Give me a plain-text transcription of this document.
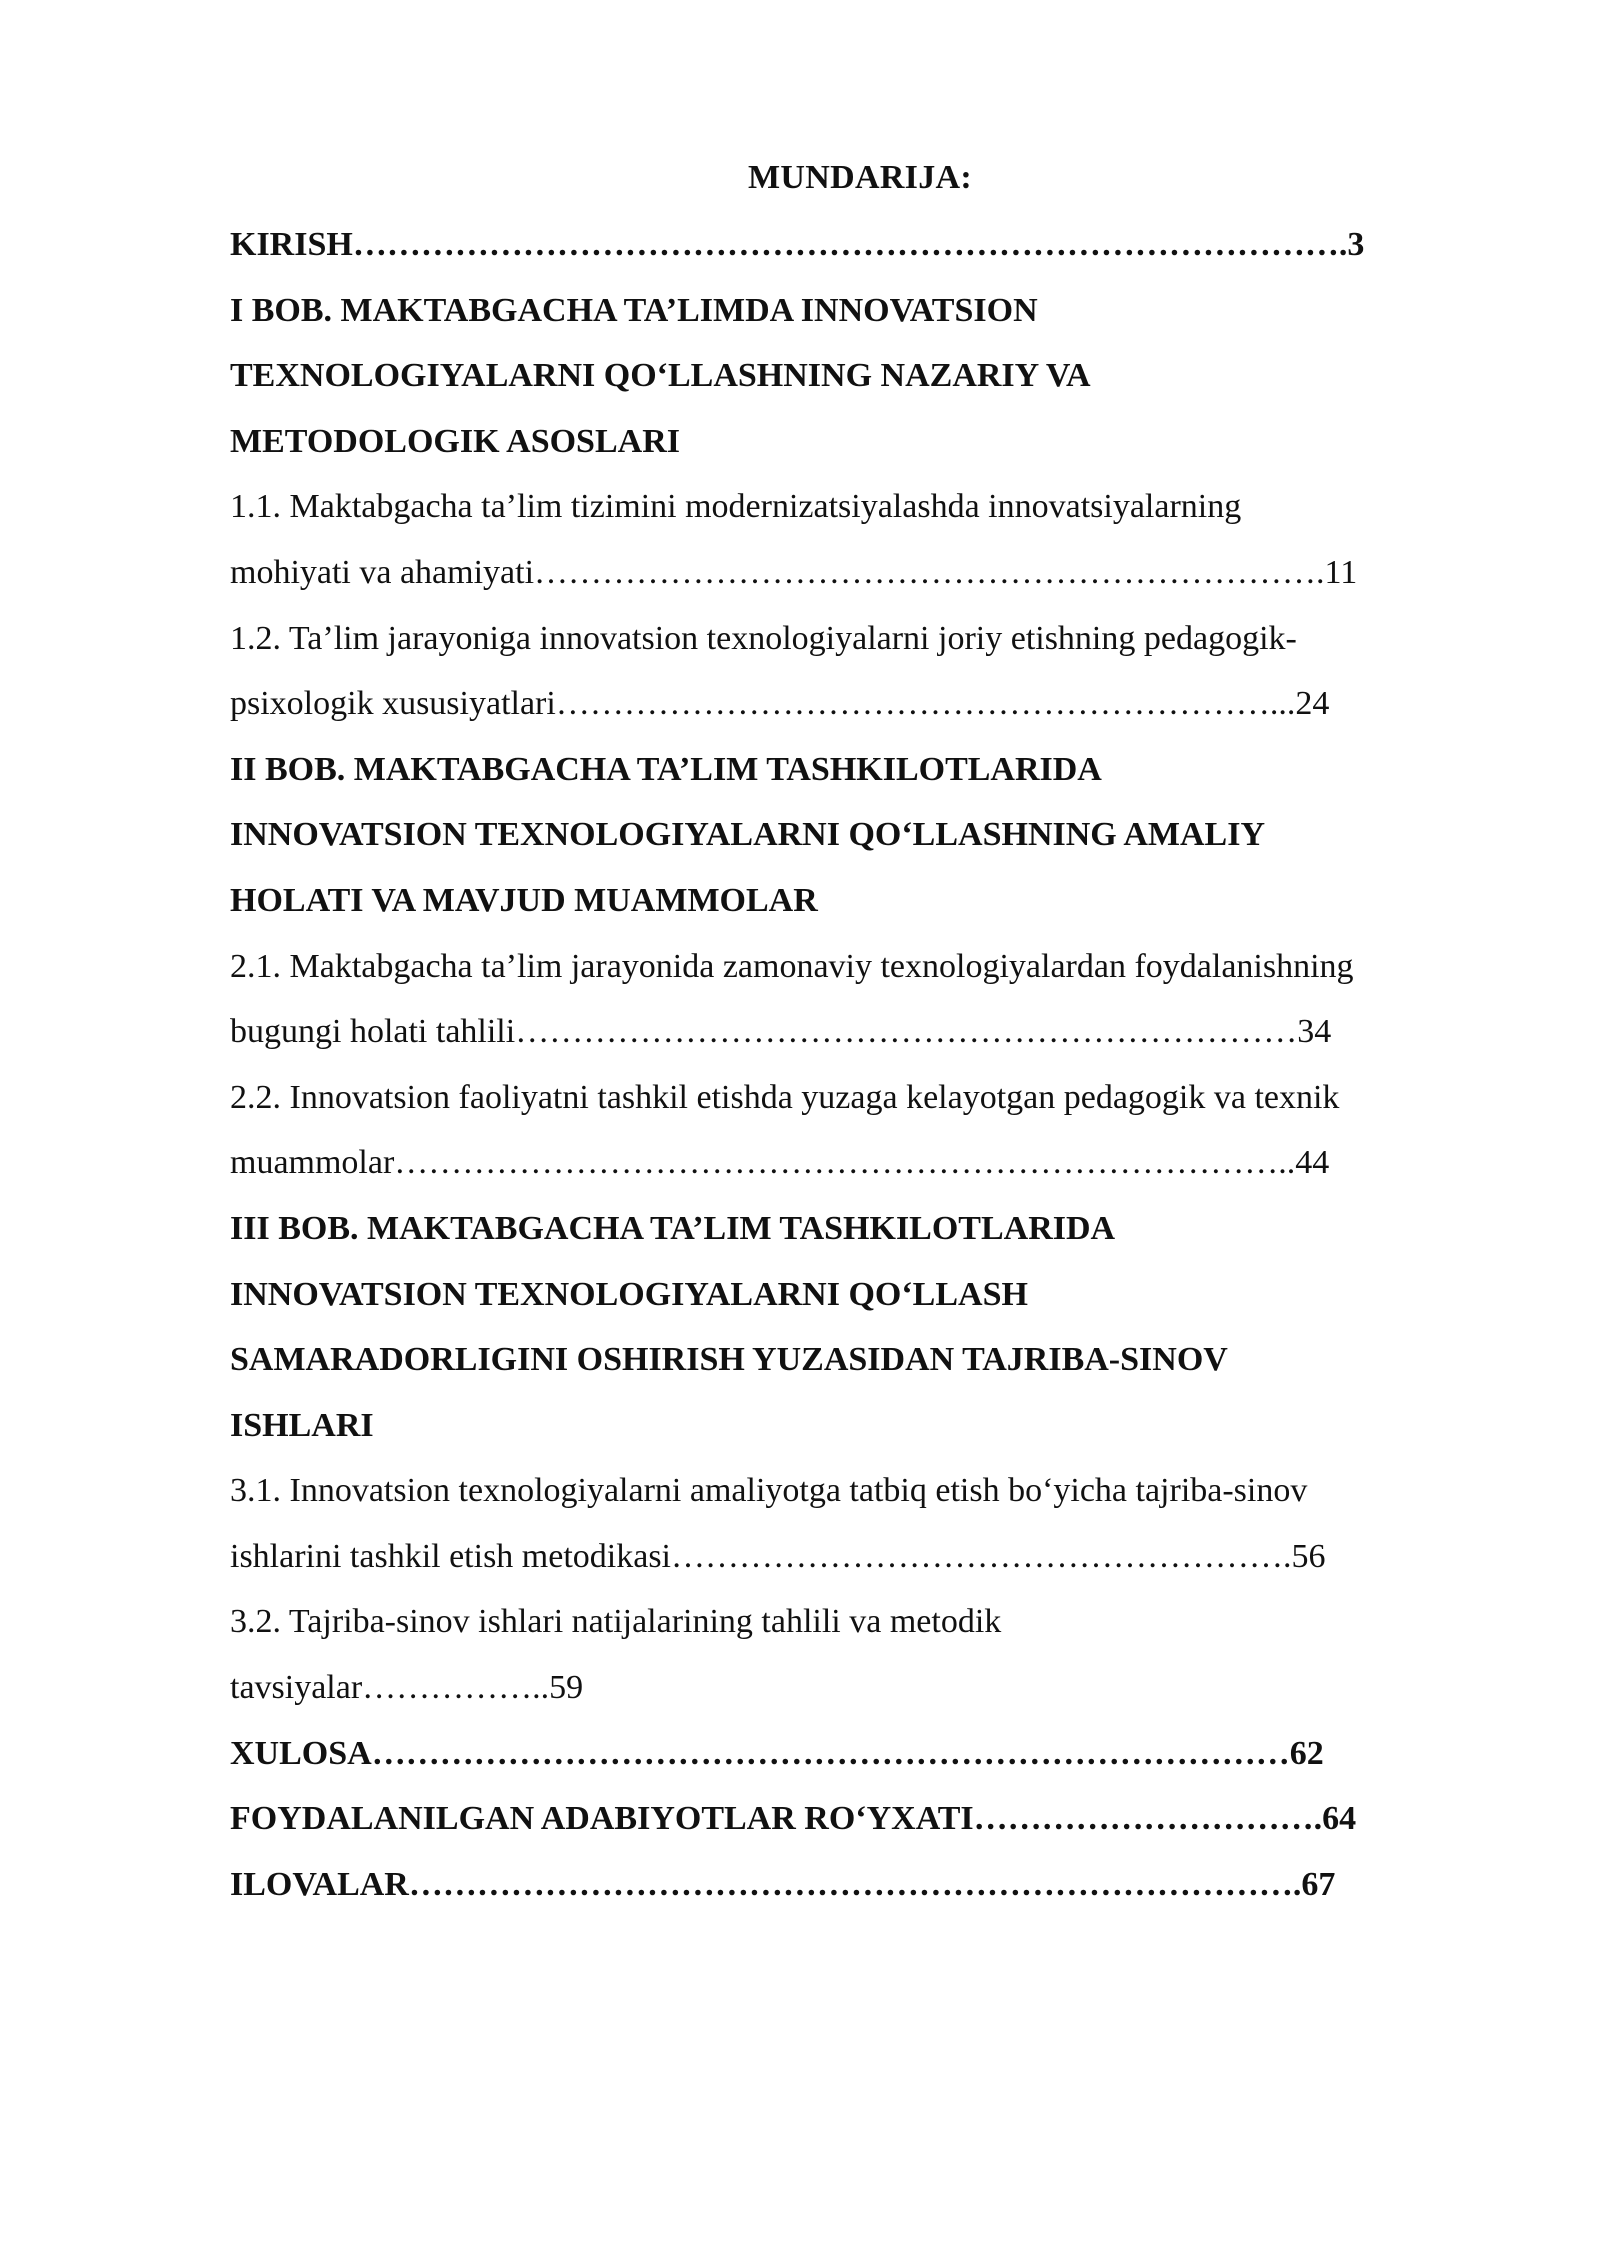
MUNDARIJA:

KIRISH…………………………………………………………………………….3

I BOB. MAKTABGACHA TA’LIMDA INNOVATSION

TEXNOLOGIYALARNI QO‘LLASHNING NAZARIY VA

METODOLOGIK ASOSLARI

1.1. Maktabgacha ta’lim tizimini modernizatsiyalashda innovatsiyalarning

mohiyati va ahamiyati…………………………………………………………….11

1.2. Ta’lim jarayoniga innovatsion texnologiyalarni joriy etishning pedagogik-

psixologik xususiyatlari………………………………………………………...24

II BOB. MAKTABGACHA TA’LIM TASHKILOTLARIDA

INNOVATSION TEXNOLOGIYALARNI QO‘LLASHNING AMALIY

HOLATI VA MAVJUD MUAMMOLAR

2.1. Maktabgacha ta’lim jarayonida zamonaviy texnologiyalardan foydalanishning

bugungi holati tahlili……………………………………………………………34

2.2. Innovatsion faoliyatni tashkil etishda yuzaga kelayotgan pedagogik va texnik

muammolar……………………………………………………………………..44

III BOB. MAKTABGACHA TA’LIM TASHKILOTLARIDA

INNOVATSION TEXNOLOGIYALARNI QO‘LLASH

SAMARADORLIGINI OSHIRISH YUZASIDAN TAJRIBA-SINOV

ISHLARI

3.1. Innovatsion texnologiyalarni amaliyotga tatbiq etish bo‘yicha tajriba-sinov

ishlarini tashkil etish metodikasi……………………………………………….56

3.2. Tajriba-sinov ishlari natijalarining tahlili va metodik

tavsiyalar……………..59

XULOSA………………………………………………………………………62

FOYDALANILGAN ADABIYOTLAR RO‘YXATI………………………….64

ILOVALAR…………………………………………………………………….67
